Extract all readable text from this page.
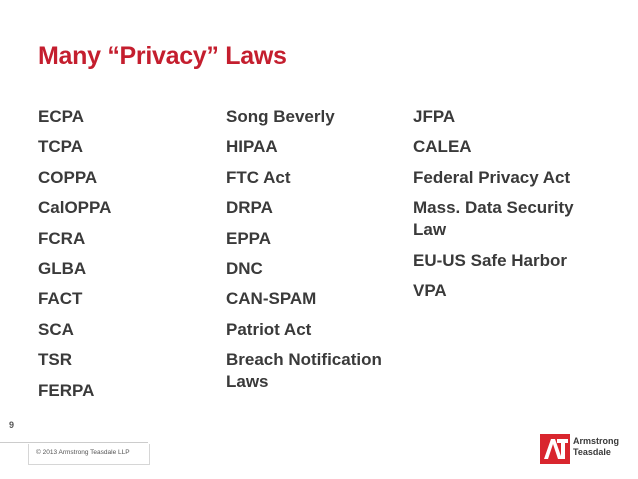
Many “Privacy” Laws
ECPA
TCPA
COPPA
CalOPPA
FCRA
GLBA
FACT
SCA
TSR
FERPA
Song Beverly
HIPAA
FTC Act
DRPA
EPPA
DNC
CAN-SPAM
Patriot Act
Breach Notification Laws
JFPA
CALEA
Federal Privacy Act
Mass. Data Security Law
EU-US Safe Harbor
VPA
9
© 2013 Armstrong Teasdale LLP
Armstrong
Teasdale
